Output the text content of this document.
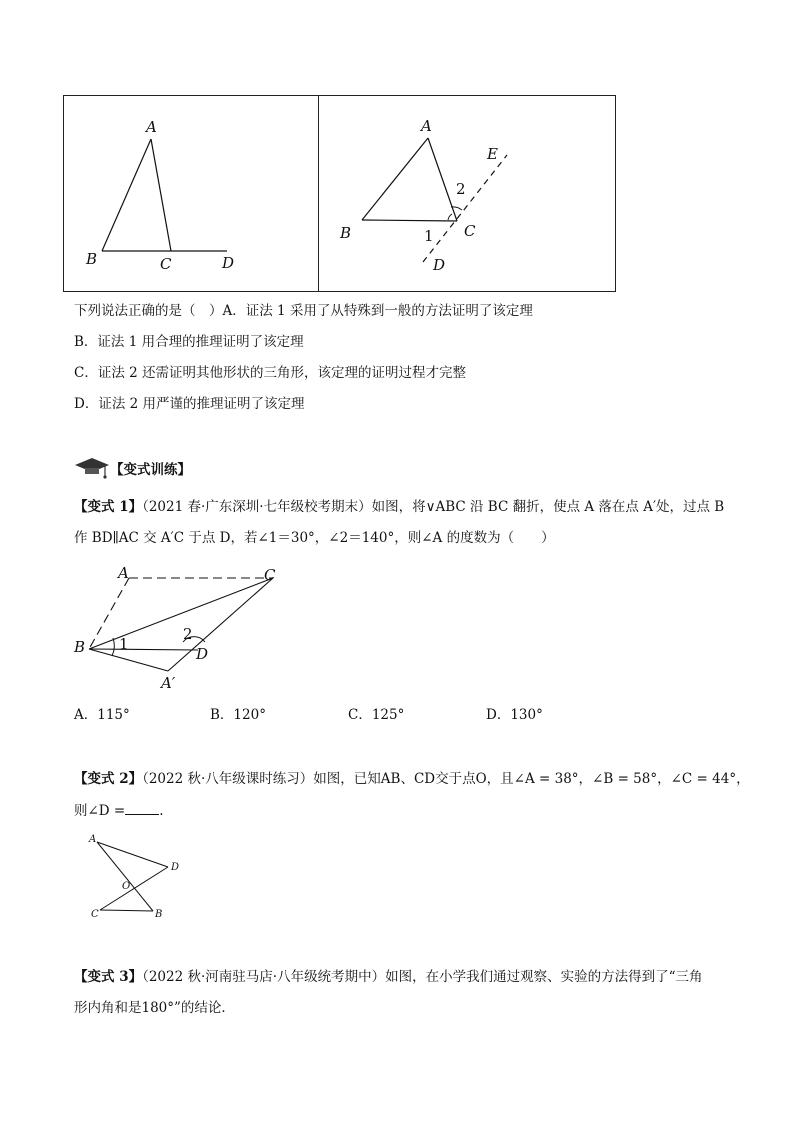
A
B	C	D
A
E
2
B	1 C
D
A	C
B 1
2
D
A′
A
D
O
C	B
下列说法正确的是（　）A．证法 1 采用了从特殊到一般的方法证明了该定理
B．证法 1 用合理的推理证明了该定理
C．证法 2 还需证明其他形状的三角形，该定理的证明过程才完整
D．证法 2 用严谨的推理证明了该定理
【变式训练】
【变式 1】（2021 春·广东深圳·七年级校考期末）如图，将∨ABC 沿 BC 翻折，使点 A 落在点 A′处，过点 B
作 BD∥AC 交 A′C 于点 D，若∠1＝30°，∠2＝140°，则∠A 的度数为（　　）
A．115°	B．120°	C．125°	D．130°
【变式 2】（2022 秋·八年级课时练习）如图，已知AB、CD交于点O，且∠A = 38°，∠B = 58°，∠C = 44°，
则∠D =	.
【变式 3】（2022 秋·河南驻马店·八年级统考期中）如图，在小学我们通过观察、实验的方法得到了“三角
形内角和是180°”的结论．
